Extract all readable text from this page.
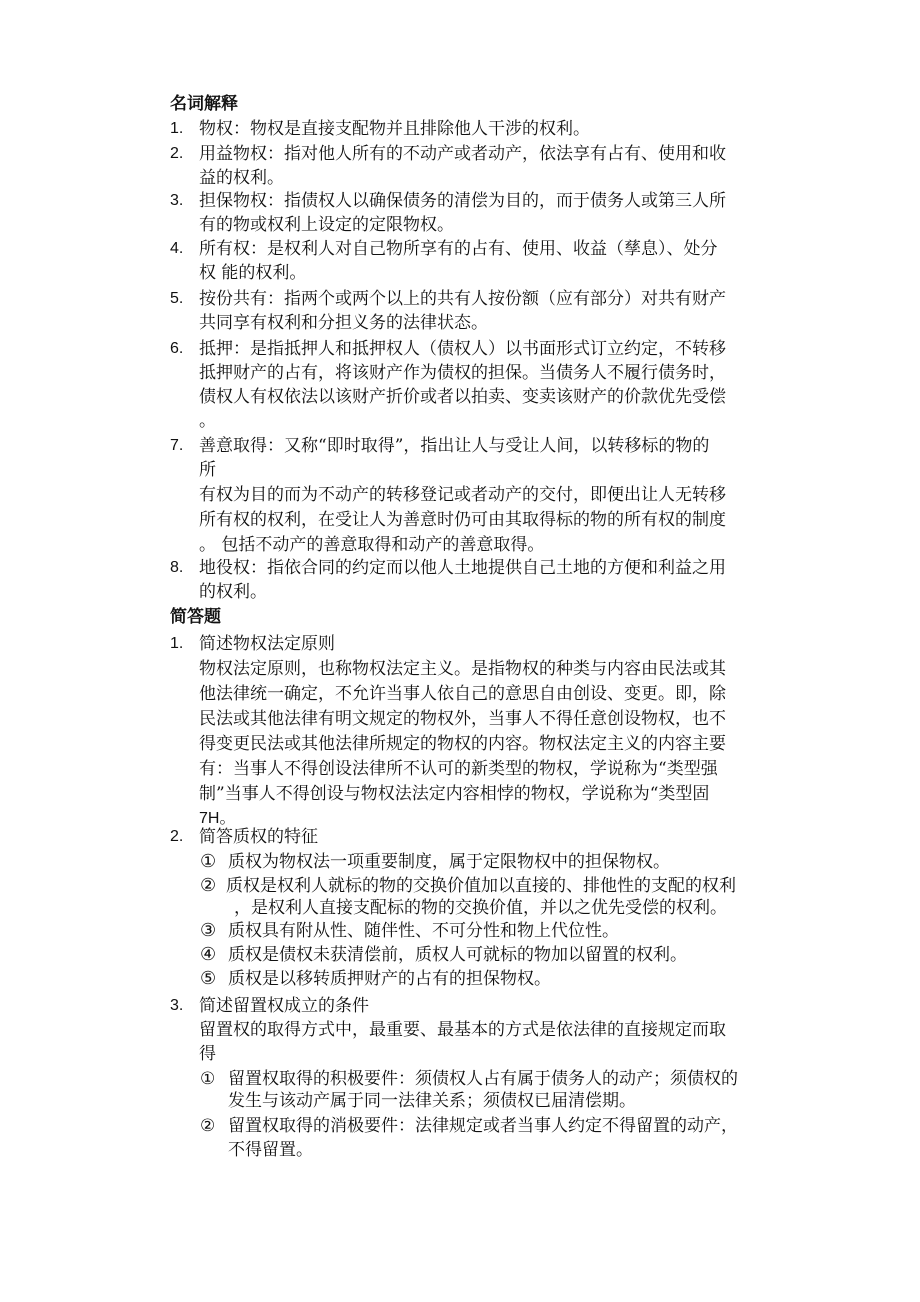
名词解释
1. 物权：物权是直接支配物并且排除他人干涉的权利。
2. 用益物权：指对他人所有的不动产或者动产，依法享有占有、使用和收
益的权利。
3. 担保物权：指债权人以确保债务的清偿为目的，而于债务人或第三人所
有的物或权利上设定的定限物权。
4. 所有权：是权利人对自己物所享有的占有、使用、收益（孳息）、处分
权 能的权利。
5. 按份共有：指两个或两个以上的共有人按份额（应有部分）对共有财产
共同享有权利和分担义务的法律状态。
6. 抵押：是指抵押人和抵押权人（债权人）以书面形式订立约定，不转移
抵押财产的占有，将该财产作为债权的担保。当债务人不履行债务时，
债权人有权依法以该财产折价或者以拍卖、变卖该财产的价款优先受偿
。
7. 善意取得：又称“即时取得”，指出让人与受让人间，以转移标的物的
所
有权为目的而为不动产的转移登记或者动产的交付，即便出让人无转移
所有权的权利，在受让人为善意时仍可由其取得标的物的所有权的制度
。 包括不动产的善意取得和动产的善意取得。
8. 地役权：指依合同的约定而以他人土地提供自己土地的方便和利益之用
的权利。
简答题
1. 简述物权法定原则
物权法定原则，也称物权法定主义。是指物权的种类与内容由民法或其
他法律统一确定，不允许当事人依自己的意思自由创设、变更。即，除
民法或其他法律有明文规定的物权外，当事人不得任意创设物权，也不
得变更民法或其他法律所规定的物权的内容。物权法定主义的内容主要
有：当事人不得创设法律所不认可的新类型的物权，学说称为“类型强
制”当事人不得创设与物权法法定内容相悖的物权，学说称为“类型固
7H。
2. 简答质权的特征
① 质权为物权法一项重要制度，属于定限物权中的担保物权。
② 质权是权利人就标的物的交换价值加以直接的、排他性的支配的权利
，是权利人直接支配标的物的交换价值，并以之优先受偿的权利。
③ 质权具有附从性、随伴性、不可分性和物上代位性。
④ 质权是债权未获清偿前，质权人可就标的物加以留置的权利。
⑤ 质权是以移转质押财产的占有的担保物权。
3. 简述留置权成立的条件
留置权的取得方式中，最重要、最基本的方式是依法律的直接规定而取
得
① 留置权取得的积极要件：须债权人占有属于债务人的动产；须债权的
发生与该动产属于同一法律关系；须债权已届清偿期。
② 留置权取得的消极要件：法律规定或者当事人约定不得留置的动产，
不得留置。
